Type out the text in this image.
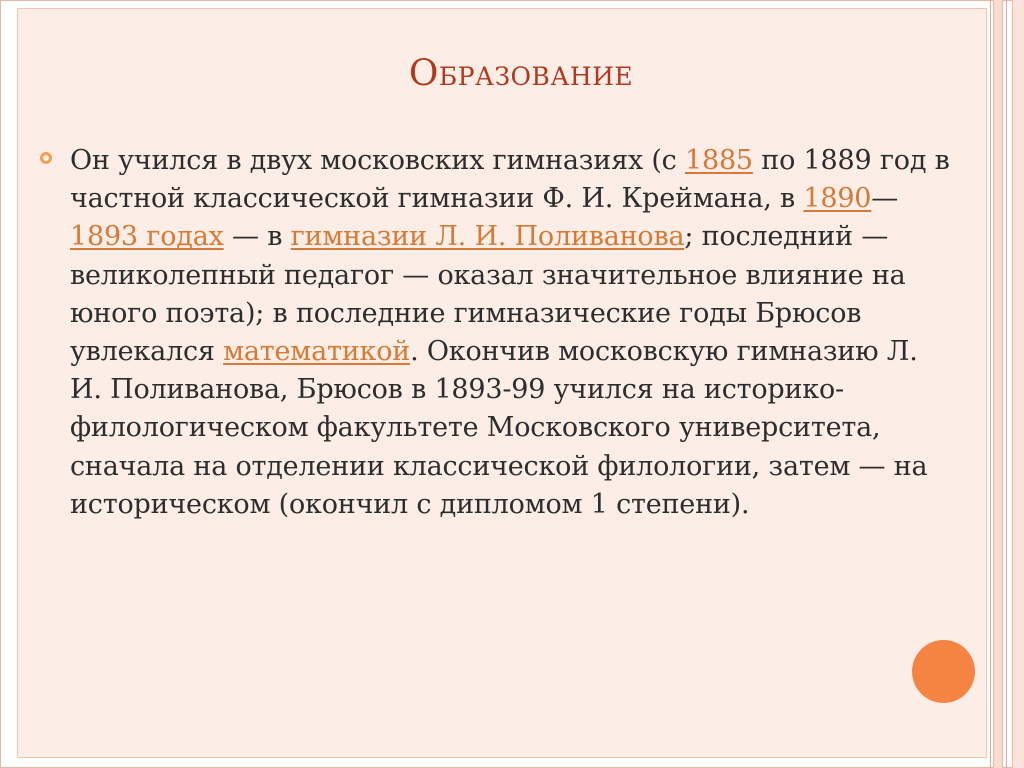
Образование

Он учился в двух московских гимназиях (с 1885 по 1889 год в частной классической гимназии Ф. И. Креймана, в 1890—1893 годах — в гимназии Л. И. Поливанова; последний — великолепный педагог — оказал значительное влияние на юного поэта); в последние гимназические годы Брюсов увлекался математикой. Окончив московскую гимназию Л. И. Поливанова, Брюсов в 1893-99 учился на историко-филологическом факультете Московского университета, сначала на отделении классической филологии, затем — на историческом (окончил с дипломом 1 степени).
